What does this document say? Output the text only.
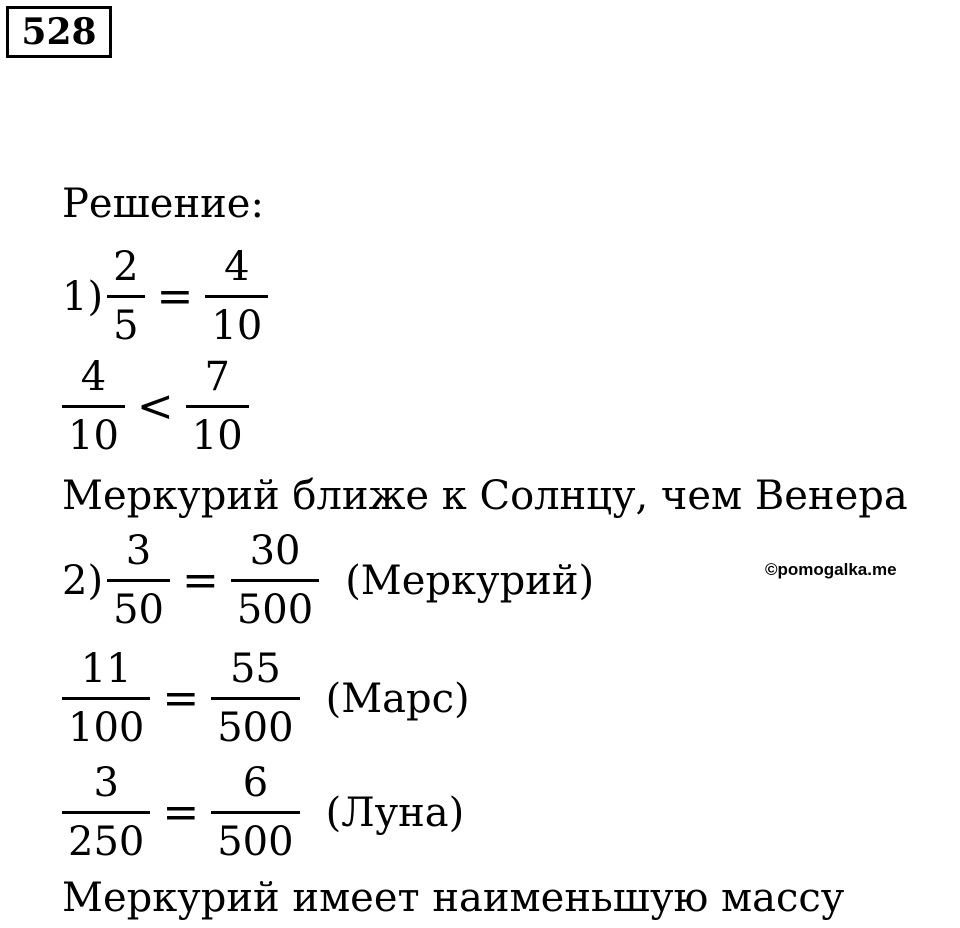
528
Решение:
$1) \frac{2}{5} = \frac{4}{10}$
$\frac{4}{10} < \frac{7}{10}$
Меркурий ближе к Солнцу, чем Венера
$2) \frac{3}{50} = \frac{30}{500}$ (Меркурий)	©pomogalka.me
$\frac{11}{100} = \frac{55}{500}$ (Марс)
$\frac{3}{250} = \frac{6}{500}$ (Луна)
Меркурий имеет наименьшую массу
